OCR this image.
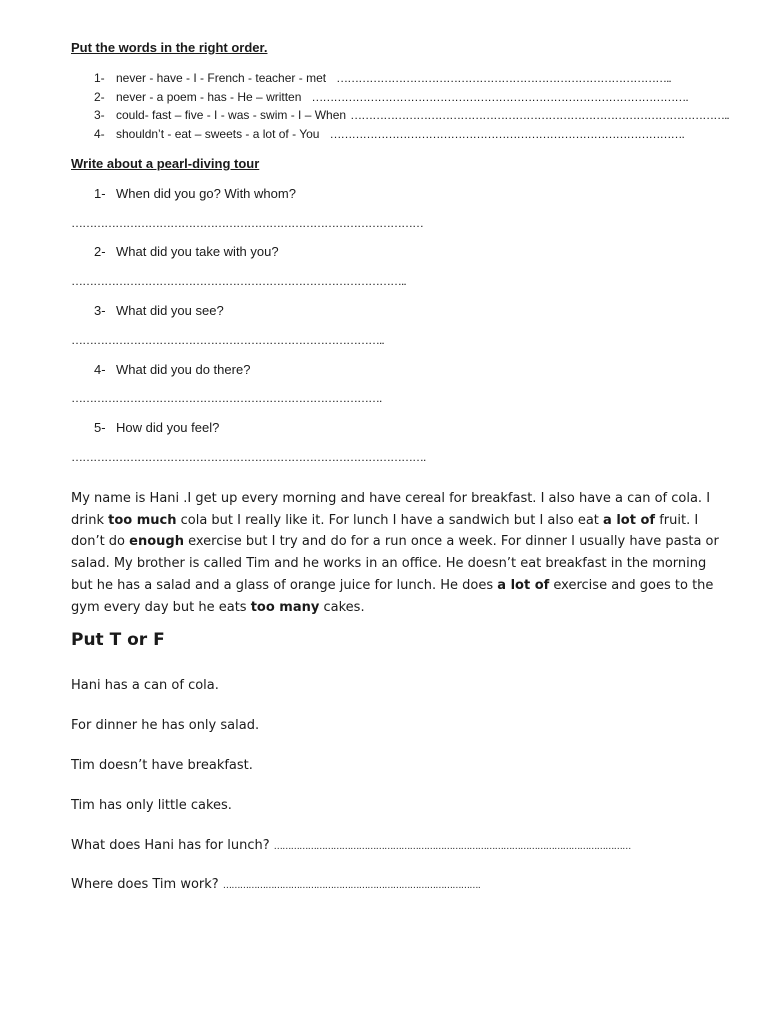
Put the words in the right order.
1- never - have - I - French - teacher - met ………………………………………………………………………………..
2- never - a poem - has - He – written ………………………………………………………………………………………….
3- could- fast – five - I - was - swim - I – When …………………………………………………………………………………………..
4- shouldn’t - eat – sweets - a lot of - You …………………………………………………………………………………….
Write about a pearl-diving tour
1- When did you go? With whom?
……………………………………………………………………………………
2- What did you take with you?
………………………………………………………………………………..
3- What did you see?
…………………………………………………………………………..
4- What did you do there?
………………………………………………………………………….
5- How did you feel?
…………………………………………………………………………………….
My name is Hani .I get up every morning and have cereal for breakfast. I also have a can of cola. I drink too much cola but I really like it. For lunch I have a sandwich but I also eat a lot of fruit. I don’t do enough exercise but I try and do for a run once a week. For dinner I usually have pasta or salad. My brother is called Tim and he works in an office. He doesn’t eat breakfast in the morning but he has a salad and a glass of orange juice for lunch. He does a lot of exercise and goes to the gym every day but he eats too many cakes.
Put T or F
Hani has a can of cola.
For dinner he has only salad.
Tim doesn’t have breakfast.
Tim has only little cakes.
What does Hani has for lunch? ………………………………………………………………………………………………………………
Where does Tim work? ……………………………………………………………………………….
